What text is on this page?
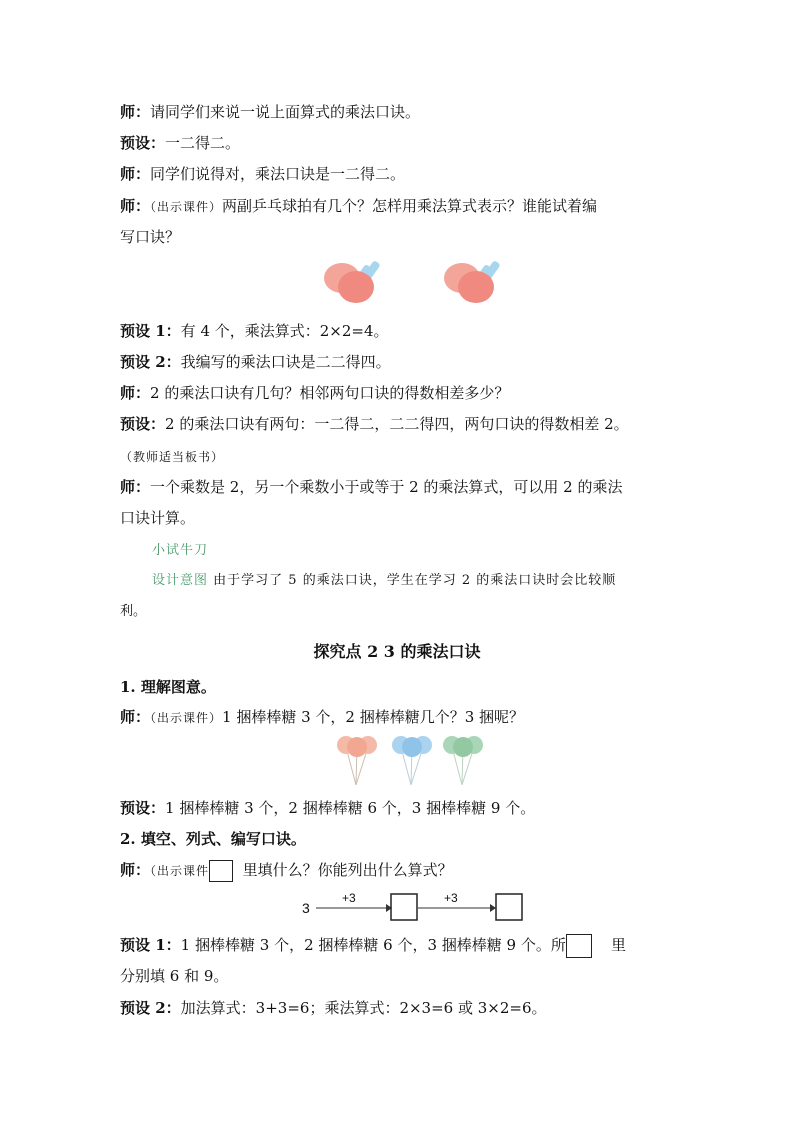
师：请同学们来说一说上面算式的乘法口诀。
预设：一二得二。
师：同学们说得对，乘法口诀是一二得二。
师：（出示课件）两副乒乓球拍有几个？怎样用乘法算式表示？谁能试着编
写口诀？
预设 1：有 4 个，乘法算式：2×2=4。
预设 2：我编写的乘法口诀是二二得四。
师：2 的乘法口诀有几句？相邻两句口诀的得数相差多少？
预设：2 的乘法口诀有两句：一二得二，二二得四，两句口诀的得数相差 2。
（教师适当板书）
师：一个乘数是 2，另一个乘数小于或等于 2 的乘法算式，可以用 2 的乘法
口诀计算。
小试牛刀
设计意图 由于学习了 5 的乘法口诀，学生在学习 2 的乘法口诀时会比较顺
利。
探究点 2 3 的乘法口诀
1. 理解图意。
师：（出示课件）1 捆棒棒糖 3 个，2 捆棒棒糖几个？3 捆呢？
预设：1 捆棒棒糖 3 个，2 捆棒棒糖 6 个，3 捆棒棒糖 9 个。
2. 填空、列式、编写口诀。
师：（出示课件 里填什么？你能列出什么算式？
3
+3	+3
预设 1：1 捆棒棒糖 3 个，2 捆棒棒糖 6 个，3 捆棒棒糖 9 个。所	里
分别填 6 和 9。
预设 2：加法算式：3+3=6；乘法算式：2×3=6 或 3×2=6。
